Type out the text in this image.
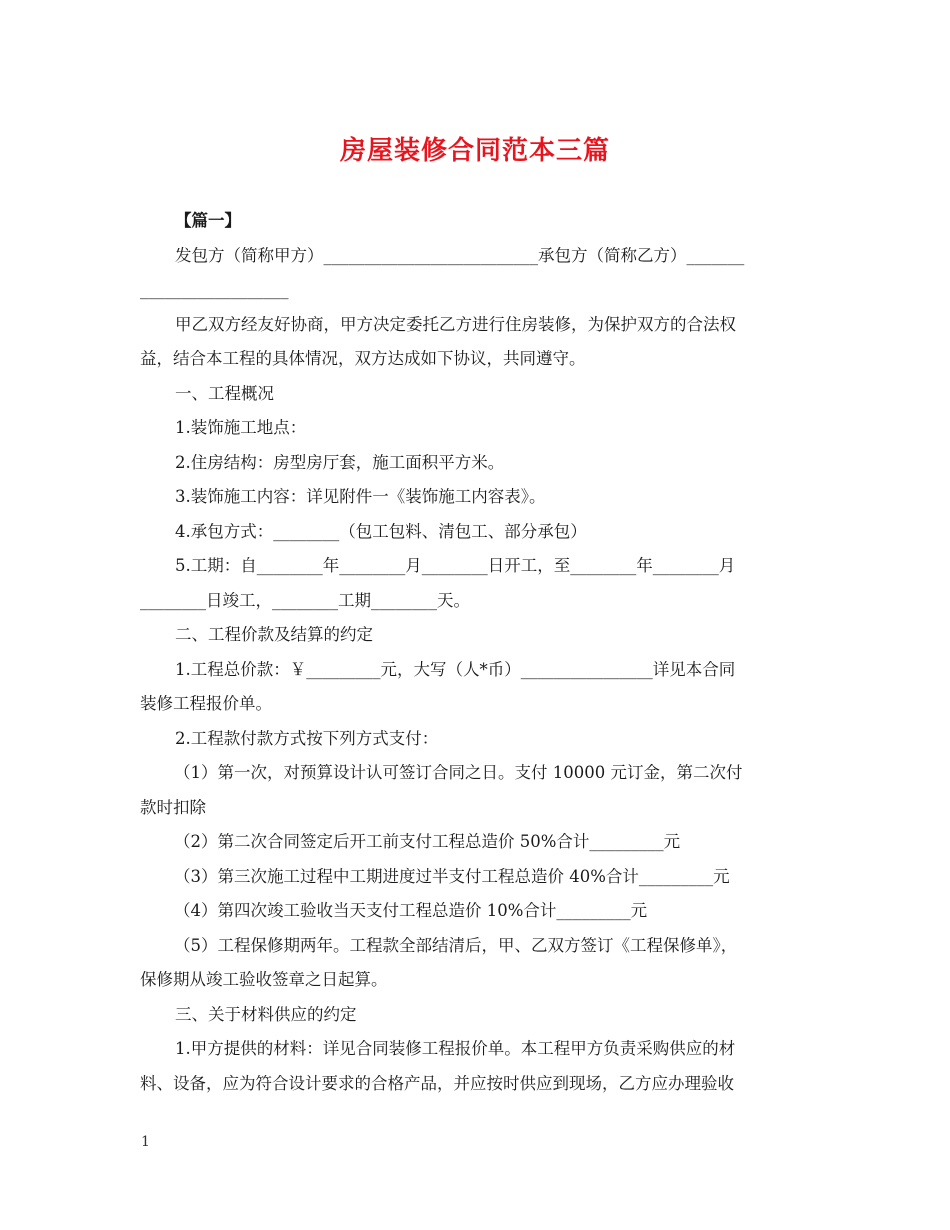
房屋装修合同范本三篇
【篇一】
发包方（简称甲方）__________________________承包方（简称乙方）_______
__________________
甲乙双方经友好协商，甲方决定委托乙方进行住房装修，为保护双方的合法权
益，结合本工程的具体情况，双方达成如下协议，共同遵守。
一、工程概况
1.装饰施工地点：
2.住房结构：房型房厅套，施工面积平方米。
3.装饰施工内容：详见附件一《装饰施工内容表》。
4.承包方式：________（包工包料、清包工、部分承包）
5.工期：自________年________月________日开工，至________年________月
________日竣工，________工期________天。
二、工程价款及结算的约定
1.工程总价款：￥_________元，大写（人*币）________________详见本合同
装修工程报价单。
2.工程款付款方式按下列方式支付：
（1）第一次，对预算设计认可签订合同之日。支付 10000 元订金，第二次付
款时扣除
（2）第二次合同签定后开工前支付工程总造价 50%合计_________元
（3）第三次施工过程中工期进度过半支付工程总造价 40%合计_________元
（4）第四次竣工验收当天支付工程总造价 10%合计_________元
（5）工程保修期两年。工程款全部结清后，甲、乙双方签订《工程保修单》，
保修期从竣工验收签章之日起算。
三、关于材料供应的约定
1.甲方提供的材料：详见合同装修工程报价单。本工程甲方负责采购供应的材
料、设备，应为符合设计要求的合格产品，并应按时供应到现场，乙方应办理验收
1
